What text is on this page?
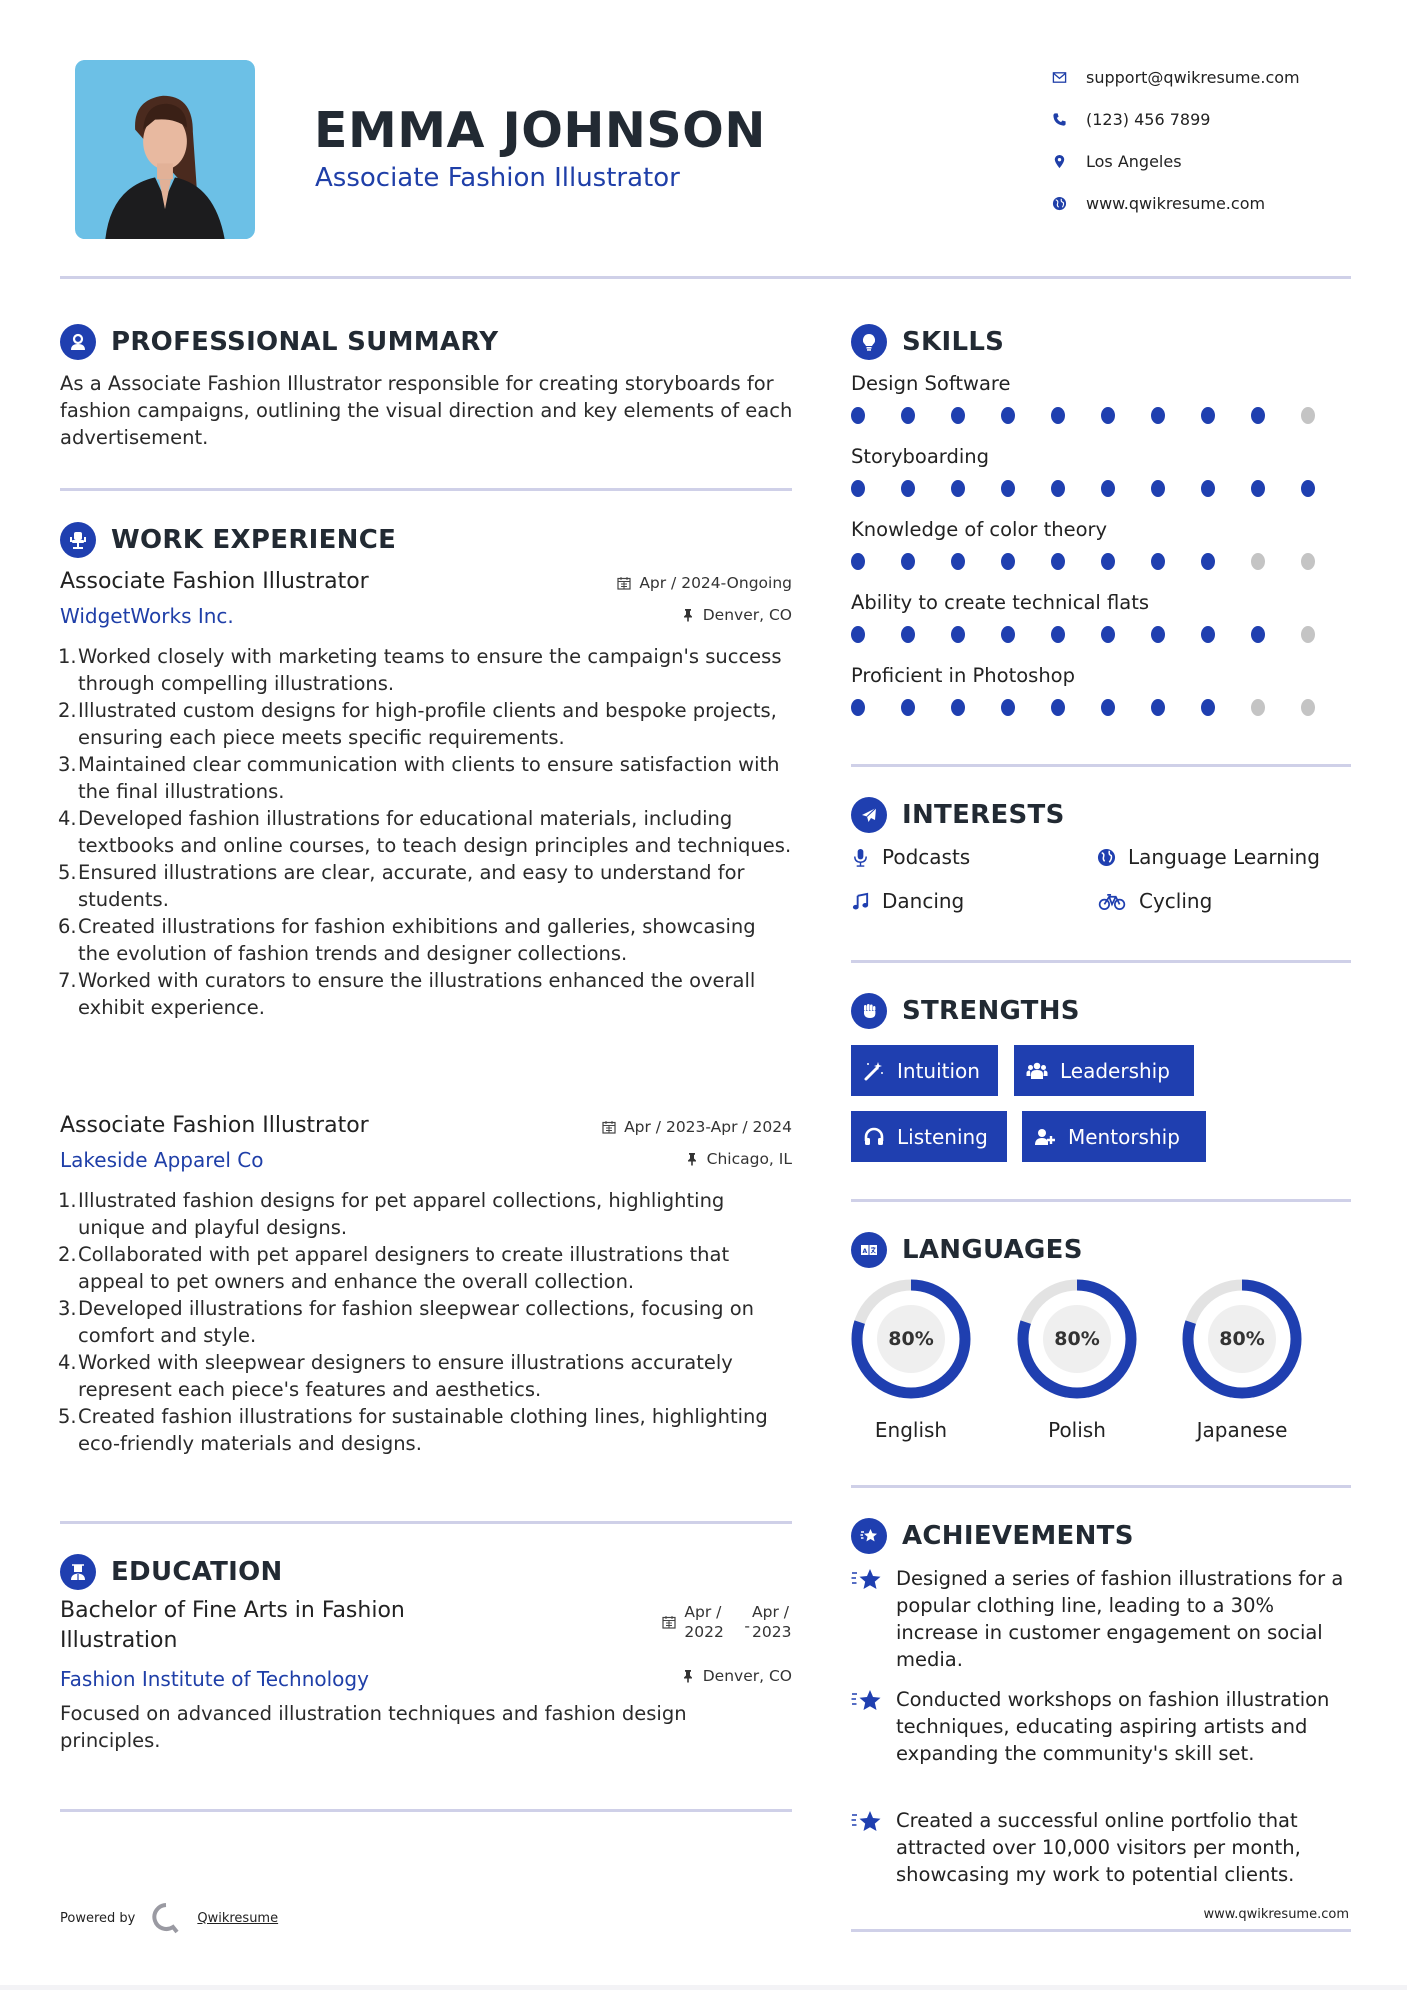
EMMA JOHNSON
Associate Fashion Illustrator
support@qwikresume.com
(123) 456 7899
Los Angeles
www.qwikresume.com
PROFESSIONAL SUMMARY
As a Associate Fashion Illustrator responsible for creating storyboards for fashion campaigns, outlining the visual direction and key elements of each advertisement.
WORK EXPERIENCE
Associate Fashion Illustrator	Apr / 2024-Ongoing
WidgetWorks Inc.	Denver, CO
1. Worked closely with marketing teams to ensure the campaign's success through compelling illustrations.
2. Illustrated custom designs for high-profile clients and bespoke projects, ensuring each piece meets specific requirements.
3. Maintained clear communication with clients to ensure satisfaction with the final illustrations.
4. Developed fashion illustrations for educational materials, including textbooks and online courses, to teach design principles and techniques.
5. Ensured illustrations are clear, accurate, and easy to understand for students.
6. Created illustrations for fashion exhibitions and galleries, showcasing the evolution of fashion trends and designer collections.
7. Worked with curators to ensure the illustrations enhanced the overall exhibit experience.
Associate Fashion Illustrator	Apr / 2023-Apr / 2024
Lakeside Apparel Co	Chicago, IL
1. Illustrated fashion designs for pet apparel collections, highlighting unique and playful designs.
2. Collaborated with pet apparel designers to create illustrations that appeal to pet owners and enhance the overall collection.
3. Developed illustrations for fashion sleepwear collections, focusing on comfort and style.
4. Worked with sleepwear designers to ensure illustrations accurately represent each piece's features and aesthetics.
5. Created fashion illustrations for sustainable clothing lines, highlighting eco-friendly materials and designs.
EDUCATION
Bachelor of Fine Arts in Fashion Illustration
Apr / 2022 -
Apr / 2023
Fashion Institute of Technology	Denver, CO
Focused on advanced illustration techniques and fashion design principles.
SKILLS
Design Software
Storyboarding
Knowledge of color theory
Ability to create technical flats
Proficient in Photoshop
INTERESTS
Podcasts	Language Learning
Dancing	Cycling
STRENGTHS
Intuition	Leadership
Listening	Mentorship
A LANGUAGES
80%
English
80%
Polish
80%
Japanese
ACHIEVEMENTS
Designed a series of fashion illustrations for a popular clothing line, leading to a 30% increase in customer engagement on social media.
Conducted workshops on fashion illustration techniques, educating aspiring artists and expanding the community's skill set.
Created a successful online portfolio that attracted over 10,000 visitors per month, showcasing my work to potential clients.
Powered by	Qwikresume	www.qwikresume.com
